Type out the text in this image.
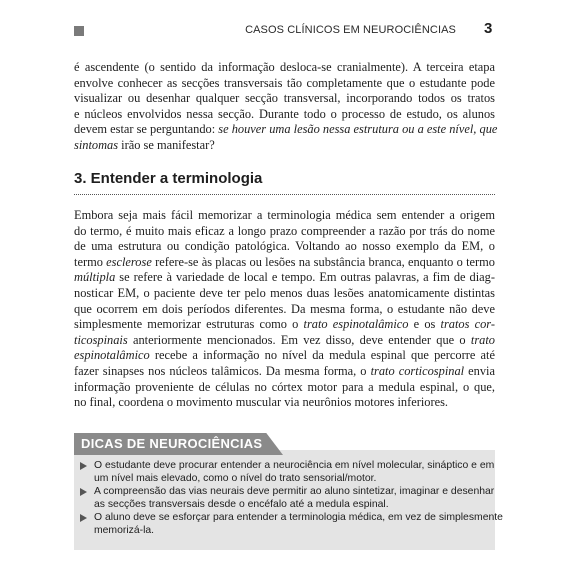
CASOS CLÍNICOS EM NEUROCIÊNCIAS 3
é ascendente (o sentido da informação desloca-se cranialmente). A terceira etapa
envolve conhecer as secções transversais tão completamente que o estudante pode
visualizar ou desenhar qualquer secção transversal, incorporando todos os tratos
e núcleos envolvidos nessa secção. Durante todo o processo de estudo, os alunos
devem estar se perguntando: se houver uma lesão nessa estrutura ou a este nível, que
sintomas irão se manifestar?
3. Entender a terminologia
Embora seja mais fácil memorizar a terminologia médica sem entender a origem
do termo, é muito mais eficaz a longo prazo compreender a razão por trás do nome
de uma estrutura ou condição patológica. Voltando ao nosso exemplo da EM, o
termo esclerose refere-se às placas ou lesões na substância branca, enquanto o termo
múltipla se refere à variedade de local e tempo. Em outras palavras, a fim de diag-
nosticar EM, o paciente deve ter pelo menos duas lesões anatomicamente distintas
que ocorrem em dois períodos diferentes. Da mesma forma, o estudante não deve
simplesmente memorizar estruturas como o trato espinotalâmico e os tratos cor-
ticospinais anteriormente mencionados. Em vez disso, deve entender que o trato
espinotalâmico recebe a informação no nível da medula espinal que percorre até
fazer sinapses nos núcleos talâmicos. Da mesma forma, o trato corticospinal envia
informação proveniente de células no córtex motor para a medula espinal, o que,
no final, coordena o movimento muscular via neurônios motores inferiores.
DICAS DE NEUROCIÊNCIAS
O estudante deve procurar entender a neurociência em nível molecular, sináptico e em
um nível mais elevado, como o nível do trato sensorial/motor.
A compreensão das vias neurais deve permitir ao aluno sintetizar, imaginar e desenhar
as secções transversais desde o encéfalo até a medula espinal.
O aluno deve se esforçar para entender a terminologia médica, em vez de simplesmente
memorizá-la.
